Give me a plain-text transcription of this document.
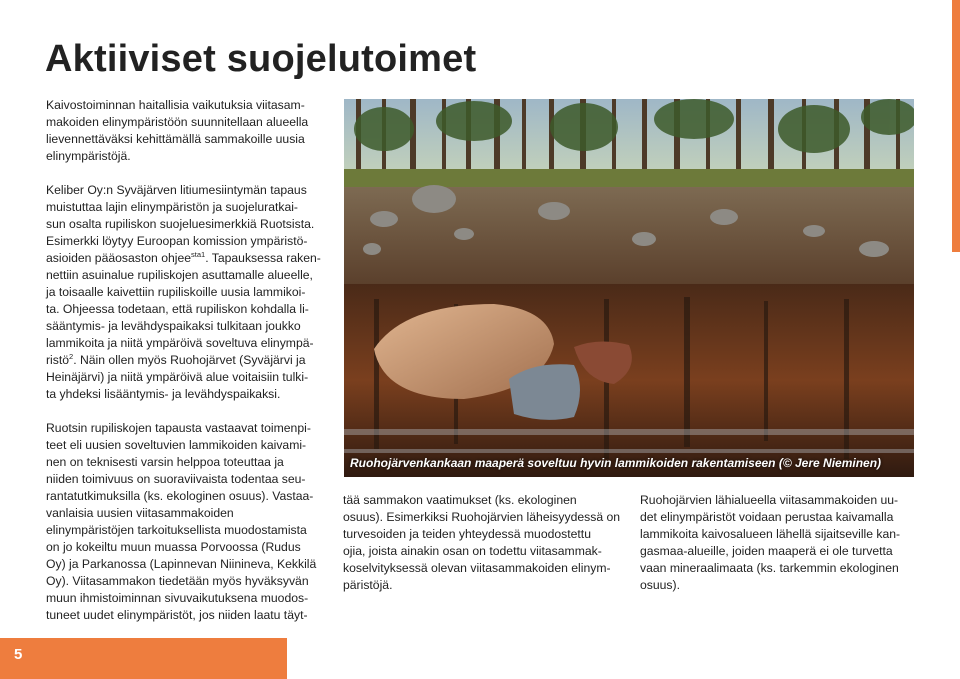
Aktiiviset suojelutoimet

Kaivostoiminnan haitallisia vaikutuksia viitasam-
makoiden elinympäristöön suunnitellaan alueella
lievennettäväksi kehittämällä sammakoille uusia
elinympäristöjä.

Keliber Oy:n Syväjärven litiumesiintymän tapaus
muistuttaa lajin elinympäristön ja suojeluratkai-
sun osalta rupiliskon suojeluesimerkkiä Ruotsista.
Esimerkki löytyy Euroopan komission ympäristö-
asioiden pääosaston ohjee$^{sta1}$. Tapauksessa raken-
nettiin asuinalue rupiliskojen asuttamalle alueelle,
ja toisaalle kaivettiin rupiliskoille uusia lammikoi-
ta. Ohjeessa todetaan, että rupiliskon kohdalla li-
sääntymis- ja levähdyspaikaksi tulkitaan joukko
lammikoita ja niitä ympäröivä soveltuva elinympä-
ristö$^2$. Näin ollen myös Ruohojärvet (Syväjärvi ja
Heinäjärvi) ja niitä ympäröivä alue voitaisiin tulki-
ta yhdeksi lisääntymis- ja levähdyspaikaksi.

Ruotsin rupiliskojen tapausta vastaavat toimenpi-
teet eli uusien soveltuvien lammikoiden kaivami-
nen on teknisesti varsin helppoa toteuttaa ja
niiden toimivuus on suoraviivaista todentaa seu-
rantatutkimuksilla (ks. ekologinen osuus). Vastaa-
vanlaisia uusien viitasammakoiden
elinympäristöjen tarkoituksellista muodostamista
on jo kokeiltu muun muassa Porvoossa (Rudus
Oy) ja Parkanossa (Lapinnevan Niinineva, Kekkilä
Oy). Viitasammakon tiedetään myös hyväksyvän
muun ihmistoiminnan sivuvaikutuksena muodos-
tuneet uudet elinympäristöt, jos niiden laatu täyt-

Ruohojärvenkankaan maaperä soveltuu hyvin lammikoiden rakentamiseen (© Jere Nieminen)

tää sammakon vaatimukset (ks. ekologinen
osuus). Esimerkiksi Ruohojärvien läheisyydessä on
turvesoiden ja teiden yhteydessä muodostettu
ojia, joista ainakin osan on todettu viitasammak-
koselvityksessä olevan viitasammakoiden elinym-
päristöjä.

Ruohojärvien lähialueella viitasammakoiden uu-
det elinympäristöt voidaan perustaa kaivamalla
lammikoita kaivosalueen lähellä sijaitseville kan-
gasmaa-alueille, joiden maaperä ei ole turvetta
vaan mineraalimaata (ks. tarkemmin ekologinen
osuus).

5
